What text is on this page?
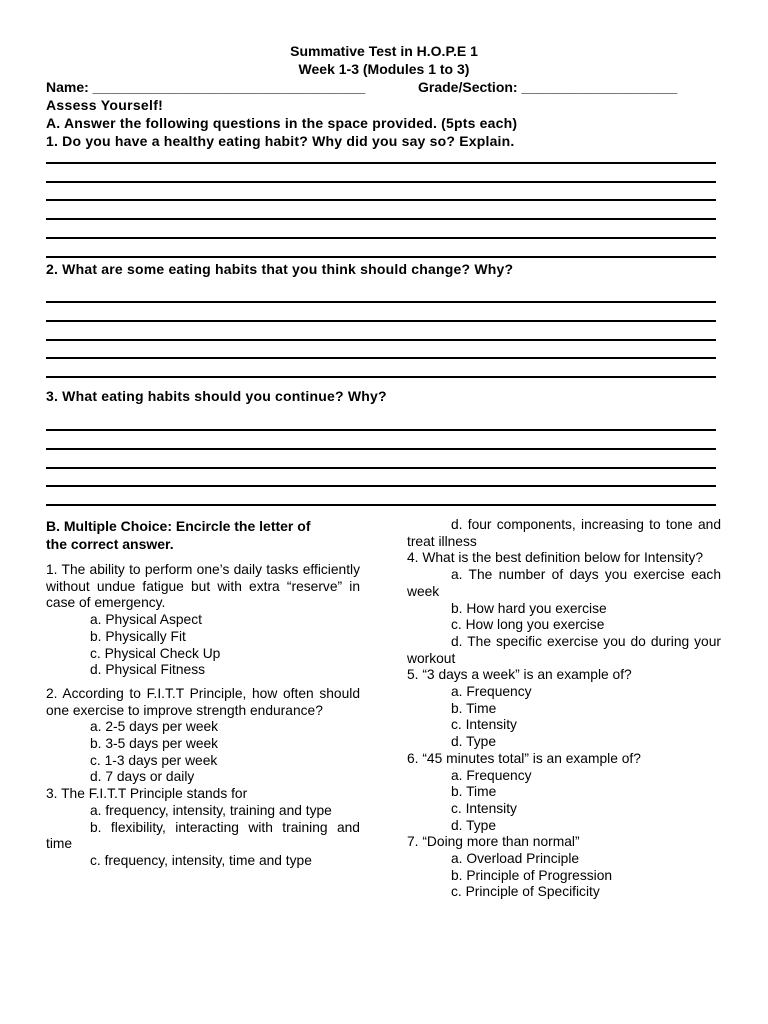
Summative Test in H.O.P.E 1
Week 1-3 (Modules 1 to 3)
Name: ___________________________________	Grade/Section: ____________________
Assess Yourself!
A. Answer the following questions in the space provided. (5pts each)
1. Do you have a healthy eating habit? Why did you say so? Explain.
2. What are some eating habits that you think should change? Why?
3. What eating habits should you continue? Why?

B. Multiple Choice: Encircle the letter of

the correct answer.

1. The ability to perform one’s daily tasks efficiently without undue fatigue but with extra “reserve” in case of emergency.

a. Physical Aspect

b. Physically Fit

c. Physical Check Up

d. Physical Fitness

2. According to F.I.T.T Principle, how often should one exercise to improve strength endurance?

a. 2-5 days per week

b. 3-5 days per week

c. 1-3 days per week

d. 7 days or daily

3. The F.I.T.T Principle stands for

a. frequency, intensity, training and type

b. flexibility, interacting with training and time

c. frequency, intensity, time and type

d. four components, increasing to tone and treat illness

4. What is the best definition below for Intensity?

a. The number of days you exercise each week

b. How hard you exercise

c. How long you exercise

d. The specific exercise you do during your workout

5. “3 days a week” is an example of?

a. Frequency

b. Time

c. Intensity

d. Type

6. “45 minutes total” is an example of?

a. Frequency

b. Time

c. Intensity

d. Type

7. “Doing more than normal”

a. Overload Principle

b. Principle of Progression

c. Principle of Specificity
